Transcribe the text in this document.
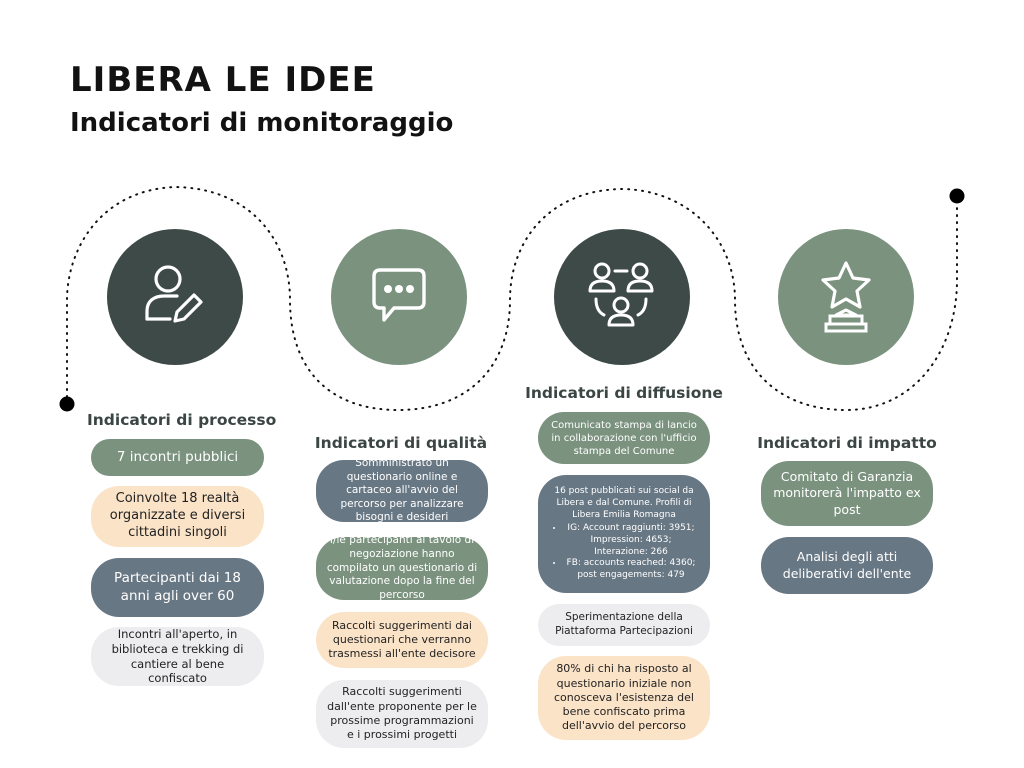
LIBERA LE IDEE
Indicatori di monitoraggio
Indicatori di processo
7 incontri pubblici
Coinvolte 18 realtà organizzate e diversi cittadini singoli
Partecipanti dai 18 anni agli over 60
Incontri all'aperto, in biblioteca e trekking di cantiere al bene confiscato
Indicatori di qualità
Somministrato un questionario online e cartaceo all'avvio del percorso per analizzare bisogni e desideri
I/le partecipanti al tavolo di negoziazione hanno compilato un questionario di valutazione dopo la fine del percorso
Raccolti suggerimenti dai questionari che verranno trasmessi all'ente decisore
Raccolti suggerimenti dall'ente proponente per le prossime programmazioni e i prossimi progetti
Indicatori di diffusione
Comunicato stampa di lancio in collaborazione con l'ufficio stampa del Comune
16 post pubblicati sui social da Libera e dal Comune. Profili di Libera Emilia Romagna
• IG: Account raggiunti: 3951; Impression: 4653; Interazione: 266
• FB: accounts reached: 4360; post engagements: 479
Sperimentazione della Piattaforma Partecipazioni
80% di chi ha risposto al questionario iniziale non conosceva l'esistenza del bene confiscato prima dell'avvio del percorso
Indicatori di impatto
Comitato di Garanzia monitorerà l'impatto ex post
Analisi degli atti deliberativi dell'ente
